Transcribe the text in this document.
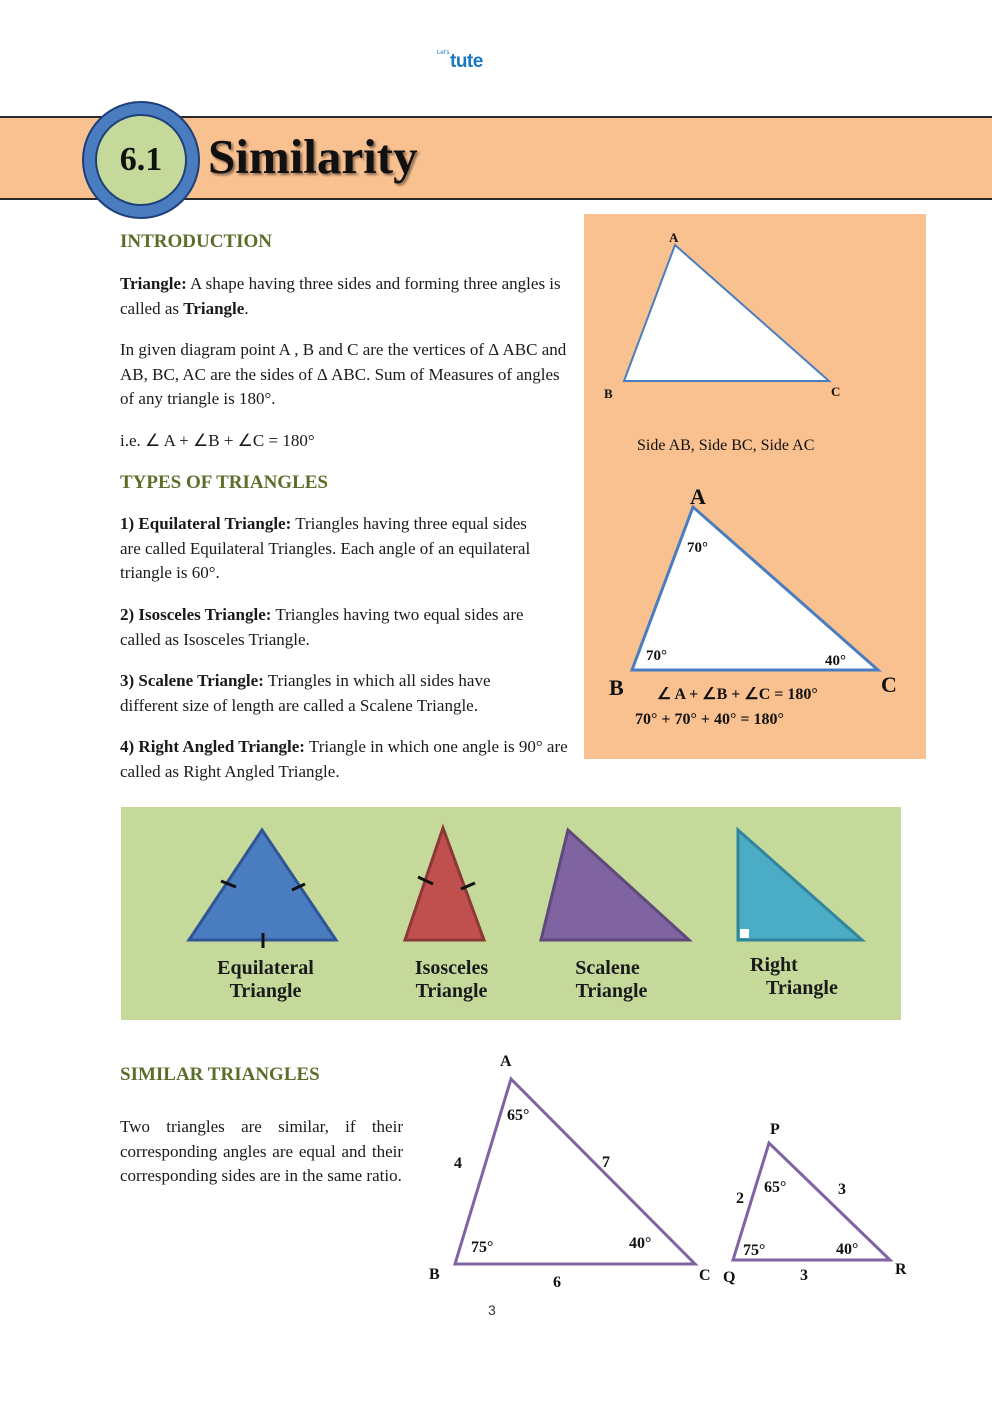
Let's tute
6.1 Similarity
INTRODUCTION
Triangle: A shape having three sides and forming three angles is called as Triangle.
In given diagram point A , B and C are the vertices of Δ ABC and AB, BC, AC are the sides of Δ ABC. Sum of Measures of angles of any triangle is 180°.
i.e. ∠ A + ∠B + ∠C = 180°
TYPES OF TRIANGLES
1) Equilateral Triangle: Triangles having three equal sides are called Equilateral Triangles. Each angle of an equilateral triangle is 60°.
2) Isosceles Triangle: Triangles having two equal sides are called as Isosceles Triangle.
3) Scalene Triangle: Triangles in which all sides have different size of length are called a Scalene Triangle.
4) Right Angled Triangle: Triangle in which one angle is 90° are called as Right Angled Triangle.
A
B	C
Side AB, Side BC, Side AC
A
B	C
70°
70°	40°
∠ A + ∠B + ∠C = 180°
70° + 70° + 40° = 180°
Equilateral
Triangle
Isosceles
Triangle
Scalene
Triangle
Right
Triangle
SIMILAR TRIANGLES
Two triangles are similar, if their corresponding angles are equal and their corresponding sides are in the same ratio.
A
B	C
65°
75°	40°
4	7
6
P
Q	R
65°
75°	40°
2
3
3
3
